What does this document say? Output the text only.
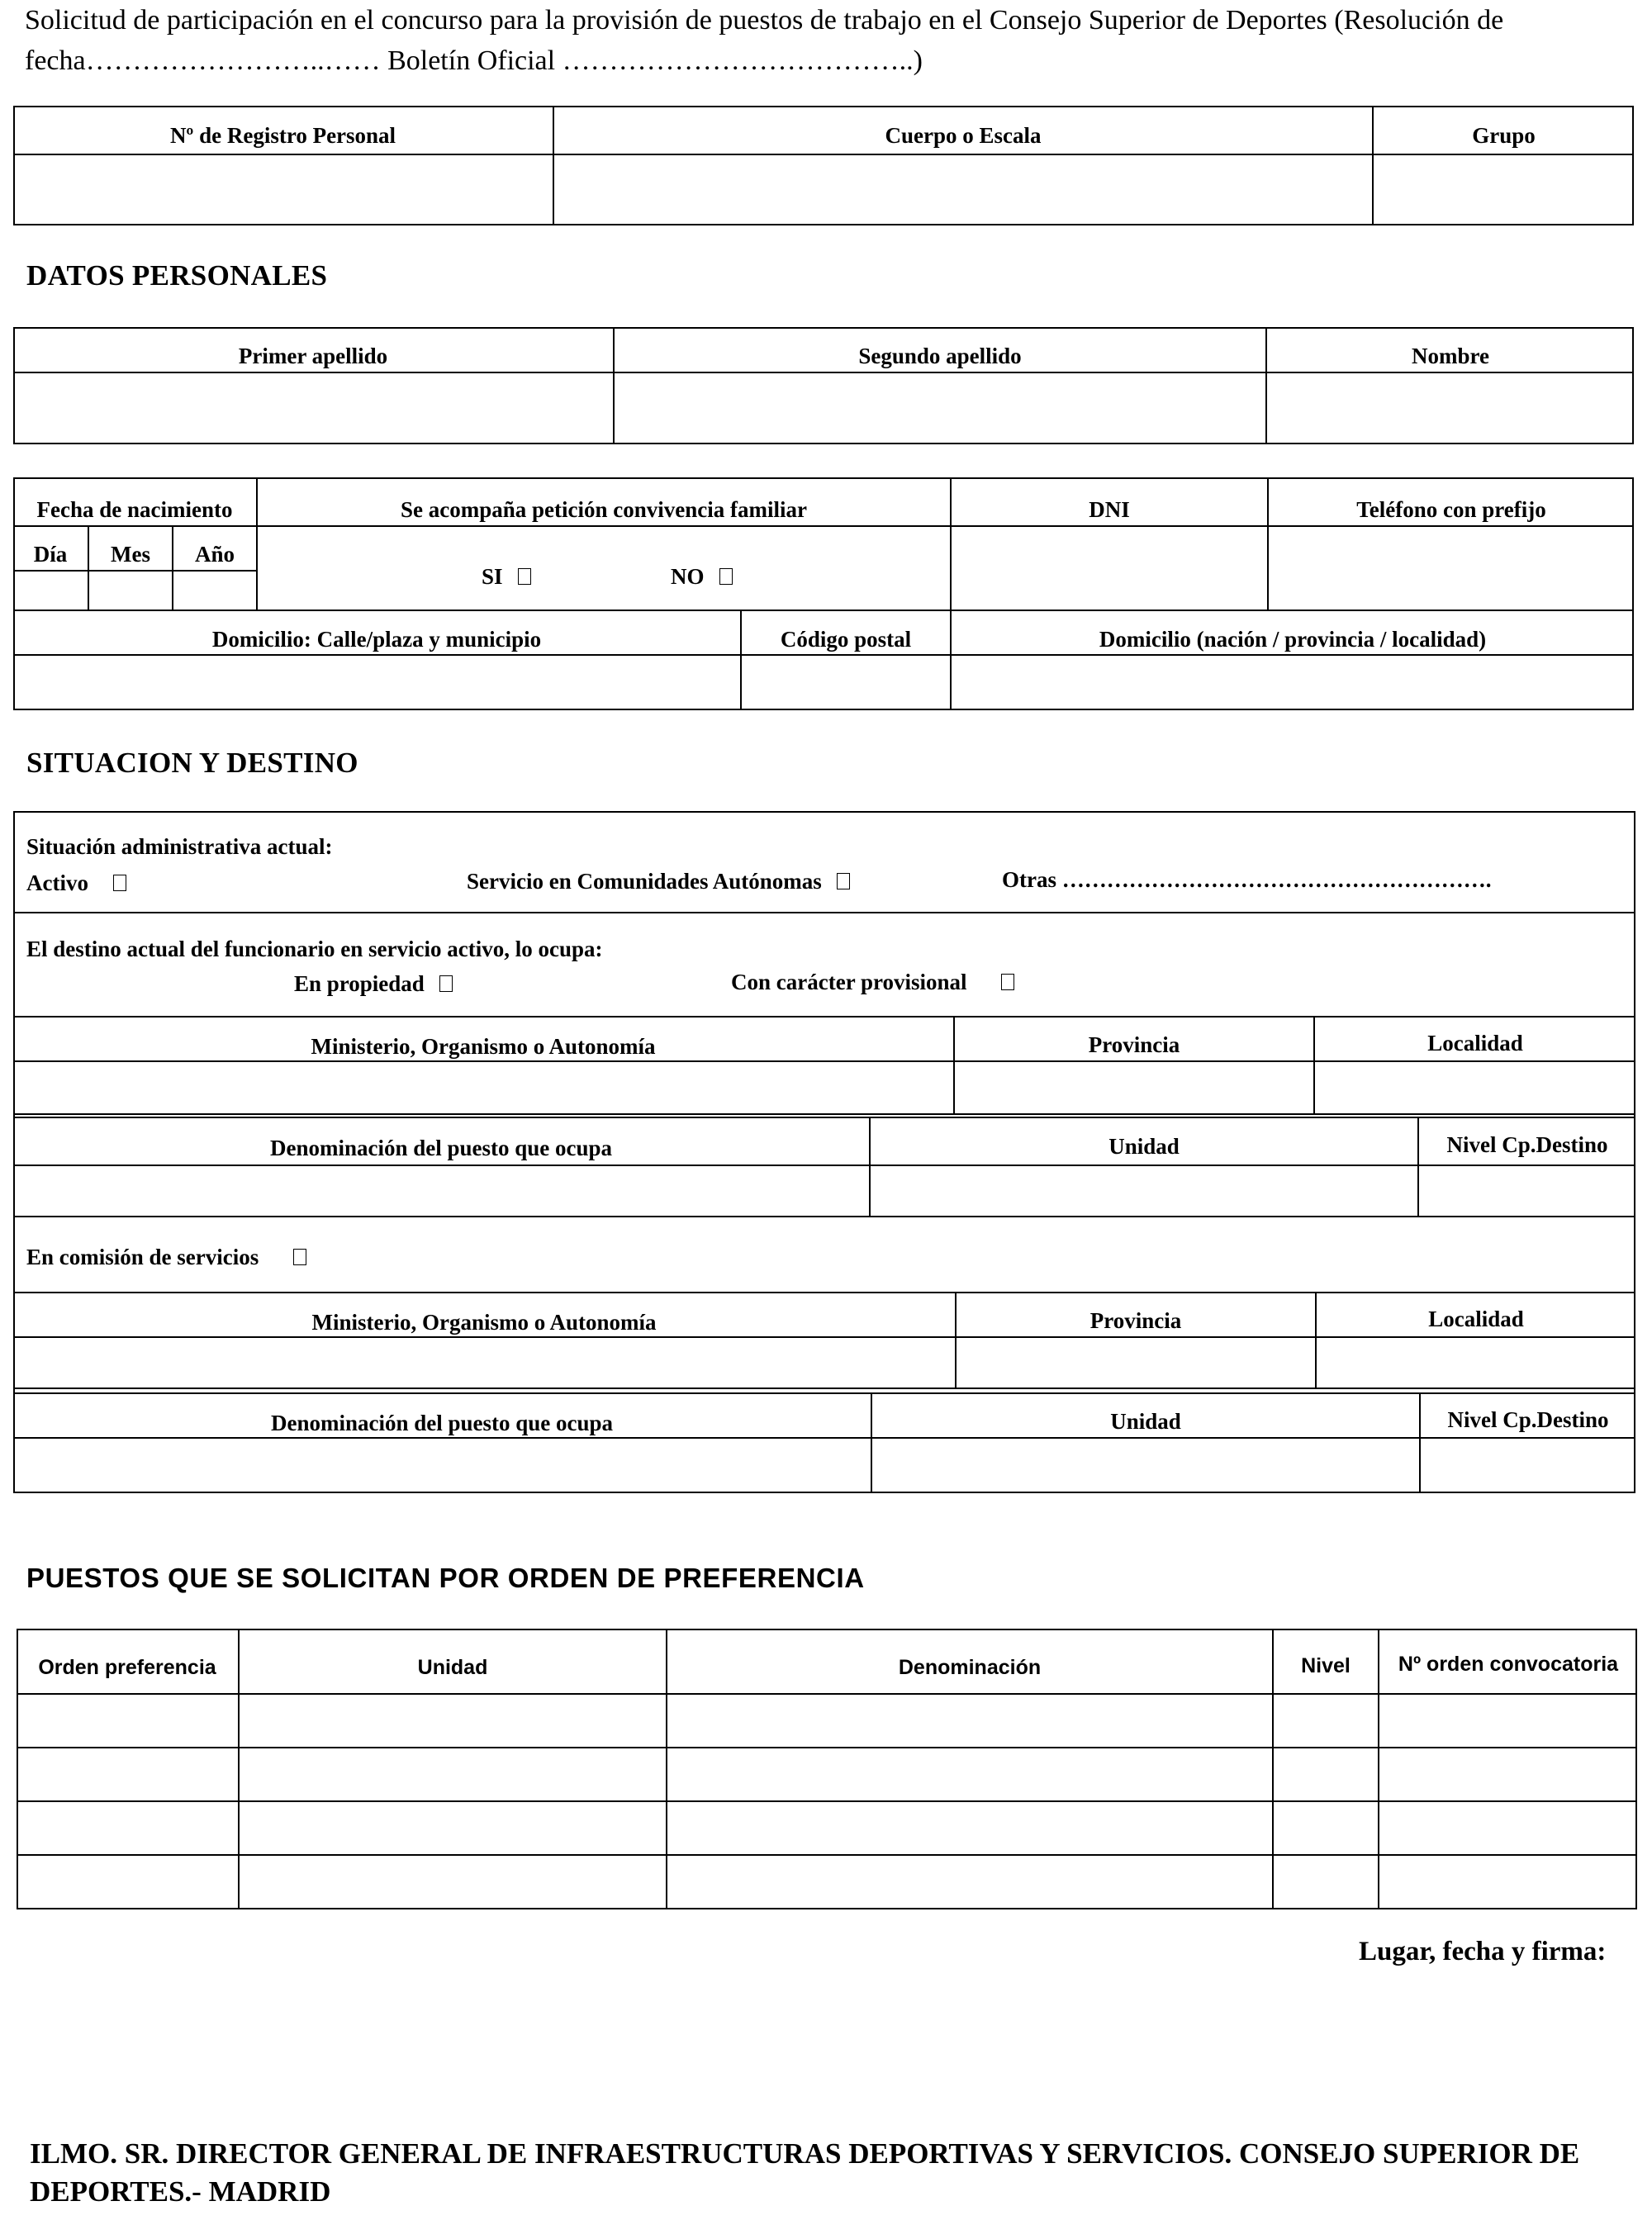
Solicitud de participación en el concurso para la provisión de puestos de trabajo en el Consejo Superior de Deportes (Resolución de
fecha……………………..…… Boletín Oficial ………………………………..)
Nº de Registro Personal	Cuerpo o Escala	Grupo
DATOS PERSONALES
Primer apellido	Segundo apellido	Nombre
Fecha de nacimiento
Día	Mes	Año
Se acompaña petición convivencia familiar
SI	NO
DNI	Teléfono con prefijo
Domicilio: Calle/plaza y municipio	Código postal	Domicilio (nación / provincia / localidad)
SITUACION Y DESTINO
Situación administrativa actual:
Activo	Servicio en Comunidades Autónomas	Otras ………………………………………………….
El destino actual del funcionario en servicio activo, lo ocupa:
En propiedad	Con carácter provisional
Ministerio, Organismo o Autonomía	Provincia	Localidad
Denominación del puesto que ocupa	Unidad	Nivel Cp.Destino
En comisión de servicios
Ministerio, Organismo o Autonomía	Provincia	Localidad
Denominación del puesto que ocupa	Unidad	Nivel Cp.Destino
PUESTOS QUE SE SOLICITAN POR ORDEN DE PREFERENCIA
Orden preferencia	Unidad	Denominación	Nivel	Nº orden convocatoria
Lugar, fecha y firma:
ILMO. SR. DIRECTOR GENERAL DE INFRAESTRUCTURAS DEPORTIVAS Y SERVICIOS. CONSEJO SUPERIOR DE DEPORTES.- MADRID
